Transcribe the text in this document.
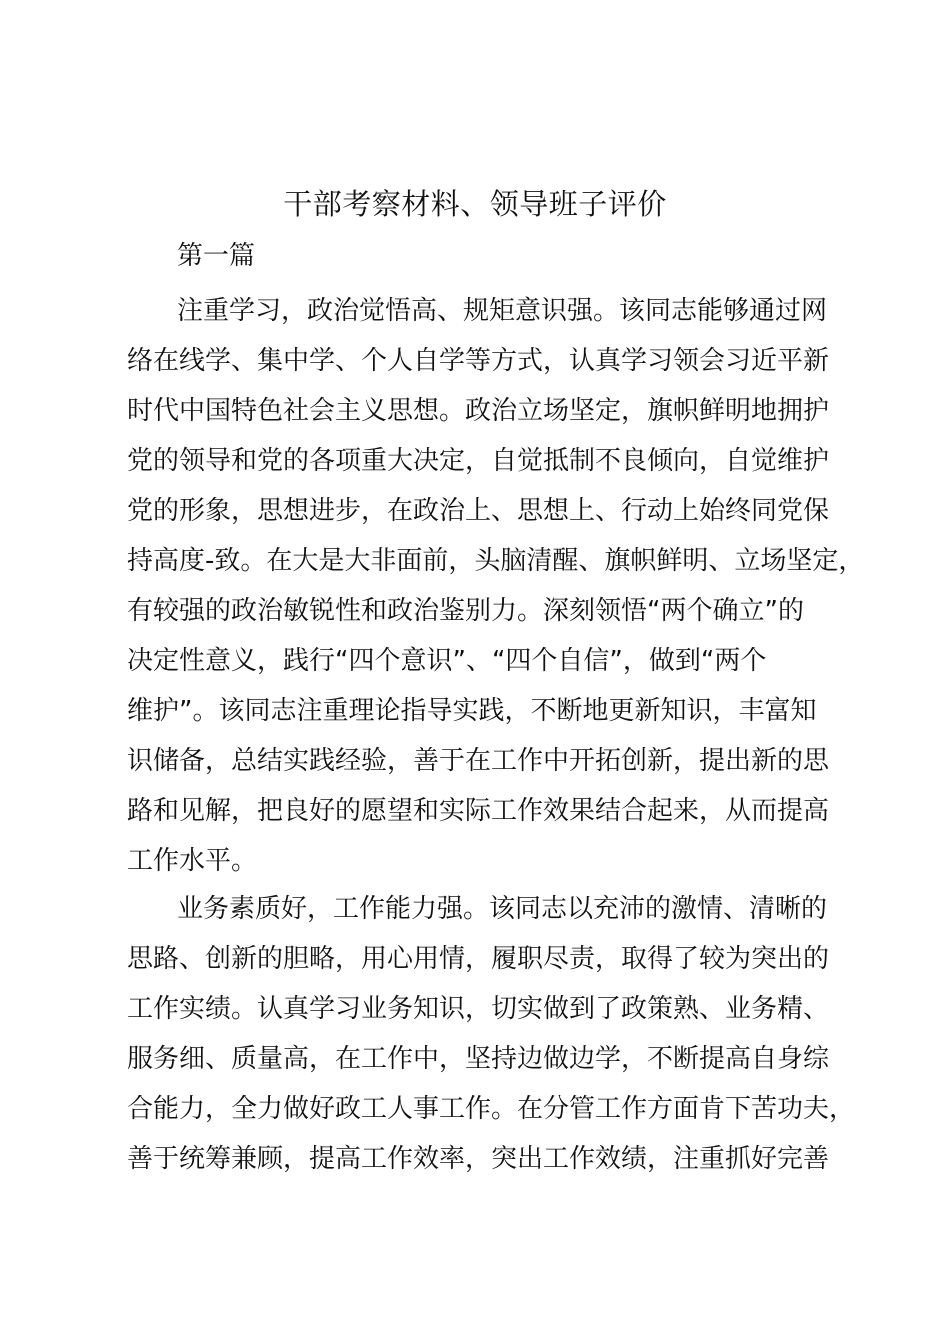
干部考察材料、领导班子评价
第一篇
注重学习，政治觉悟高、规矩意识强。该同志能够通过网
络在线学、集中学、个人自学等方式，认真学习领会习近平新
时代中国特色社会主义思想。政治立场坚定，旗帜鲜明地拥护
党的领导和党的各项重大决定，自觉抵制不良倾向，自觉维护
党的形象，思想进步，在政治上、思想上、行动上始终同党保
持高度-致。在大是大非面前，头脑清醒、旗帜鲜明、立场坚定，
有较强的政治敏锐性和政治鉴别力。深刻领悟“两个确立”的
决定性意义，践行“四个意识”、“四个自信”，做到“两个
维护”。该同志注重理论指导实践，不断地更新知识，丰富知
识储备，总结实践经验，善于在工作中开拓创新，提出新的思
路和见解，把良好的愿望和实际工作效果结合起来，从而提高
工作水平。
业务素质好，工作能力强。该同志以充沛的激情、清晰的
思路、创新的胆略，用心用情，履职尽责，取得了较为突出的
工作实绩。认真学习业务知识，切实做到了政策熟、业务精、
服务细、质量高，在工作中，坚持边做边学，不断提高自身综
合能力，全力做好政工人事工作。在分管工作方面肯下苦功夫，
善于统筹兼顾，提高工作效率，突出工作效绩，注重抓好完善
